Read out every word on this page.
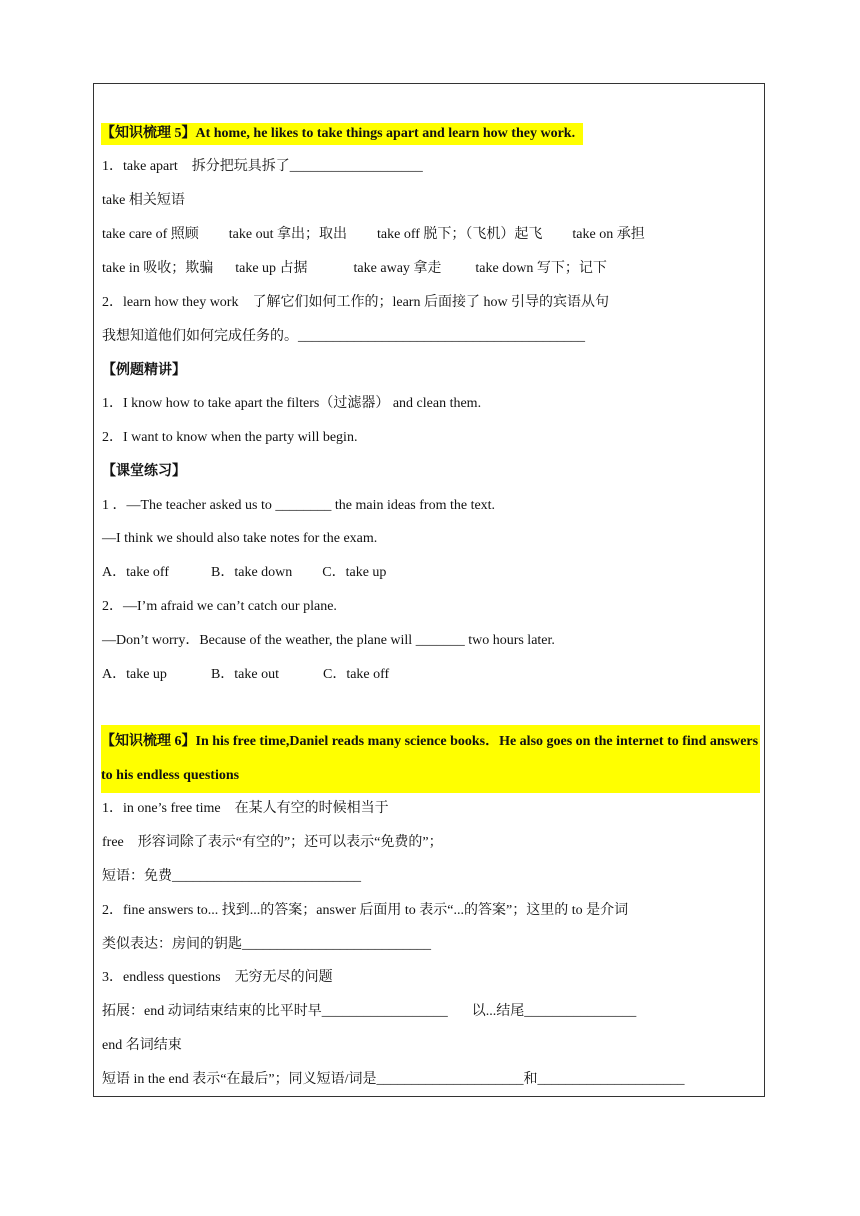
【知识梳理 5】At home, he likes to take things apart and learn how they work.
1．take apart　拆分把玩具拆了___________________
take 相关短语
take care of 照顾 take out 拿出；取出 take off 脱下；（飞机）起飞 take on 承担
take in 吸收；欺骗 take up 占据	take away 拿走 take down 写下；记下
2．learn how they work　了解它们如何工作的；learn 后面接了 how 引导的宾语从句
我想知道他们如何完成任务的。_________________________________________
【例题精讲】
1．I know how to take apart the filters（过滤器） and clean them.
2．I want to know when the party will begin.
【课堂练习】
1 ．—The teacher asked us to ________ the main ideas from the text.
—I think we should also take notes for the exam.
A．take off	B．take down C．take up
2．—I’m afraid we can’t catch our plane.
—Don’t worry．Because of the weather, the plane will _______ two hours later.
A．take up	B．take out	C．take off
【知识梳理 6】In his free time,Daniel reads many science books．He also goes on the internet to find answers to his endless questions
1．in one’s free time　在某人有空的时候相当于
free　形容词除了表示“有空的”；还可以表示“免费的”；
短语：免费___________________________
2．fine answers to... 找到...的答案；answer 后面用 to 表示“...的答案”；这里的 to 是介词
类似表达：房间的钥匙___________________________
3．endless questions　无穷无尽的问题
拓展：end 动词结束结束的比平时早__________________ 以...结尾________________
end 名词结束
短语 in the end 表示“在最后”；同义短语/词是_____________________和_____________________
